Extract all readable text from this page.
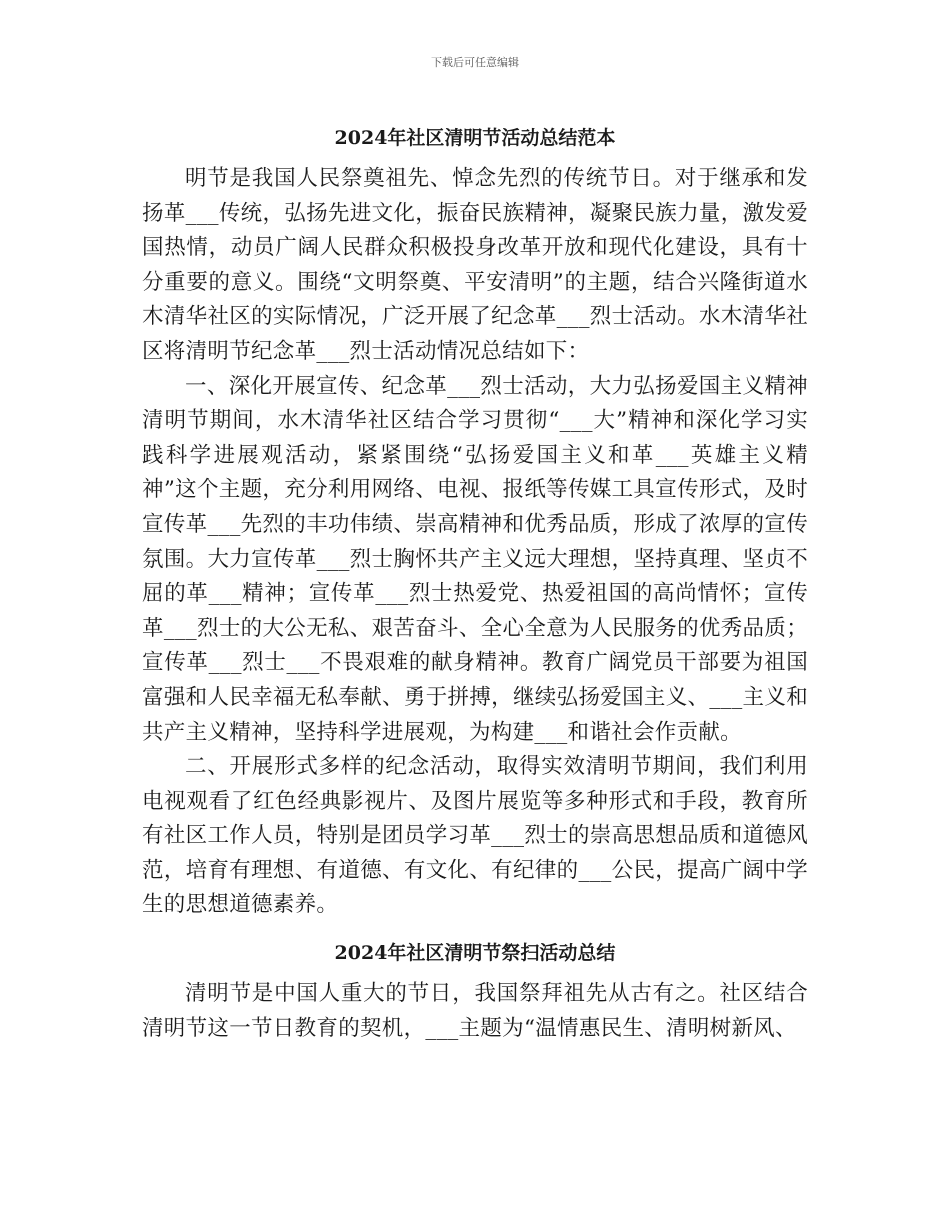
下载后可任意编辑
2024年社区清明节活动总结范本

明节是我国人民祭奠祖先、悼念先烈的传统节日。对于继承和发扬革___传统，弘扬先进文化，振奋民族精神，凝聚民族力量，激发爱国热情，动员广阔人民群众积极投身改革开放和现代化建设，具有十分重要的意义。围绕“文明祭奠、平安清明”的主题，结合兴隆街道水木清华社区的实际情况，广泛开展了纪念革___烈士活动。水木清华社区将清明节纪念革___烈士活动情况总结如下：

一、深化开展宣传、纪念革___烈士活动，大力弘扬爱国主义精神清明节期间，水木清华社区结合学习贯彻“___大”精神和深化学习实践科学进展观活动，紧紧围绕“弘扬爱国主义和革___英雄主义精神”这个主题，充分利用网络、电视、报纸等传媒工具宣传形式，及时宣传革___先烈的丰功伟绩、崇高精神和优秀品质，形成了浓厚的宣传氛围。大力宣传革___烈士胸怀共产主义远大理想，坚持真理、坚贞不屈的革___精神；宣传革___烈士热爱党、热爱祖国的高尚情怀；宣传革___烈士的大公无私、艰苦奋斗、全心全意为人民服务的优秀品质；宣传革___烈士___不畏艰难的献身精神。教育广阔党员干部要为祖国富强和人民幸福无私奉献、勇于拼搏，继续弘扬爱国主义、___主义和共产主义精神，坚持科学进展观，为构建___和谐社会作贡献。

二、开展形式多样的纪念活动，取得实效清明节期间，我们利用电视观看了红色经典影视片、及图片展览等多种形式和手段，教育所有社区工作人员，特别是团员学习革___烈士的崇高思想品质和道德风范，培育有理想、有道德、有文化、有纪律的___公民，提高广阔中学生的思想道德素养。

2024年社区清明节祭扫活动总结

清明节是中国人重大的节日，我国祭拜祖先从古有之。社区结合清明节这一节日教育的契机，___主题为“温情惠民生、清明树新风、
